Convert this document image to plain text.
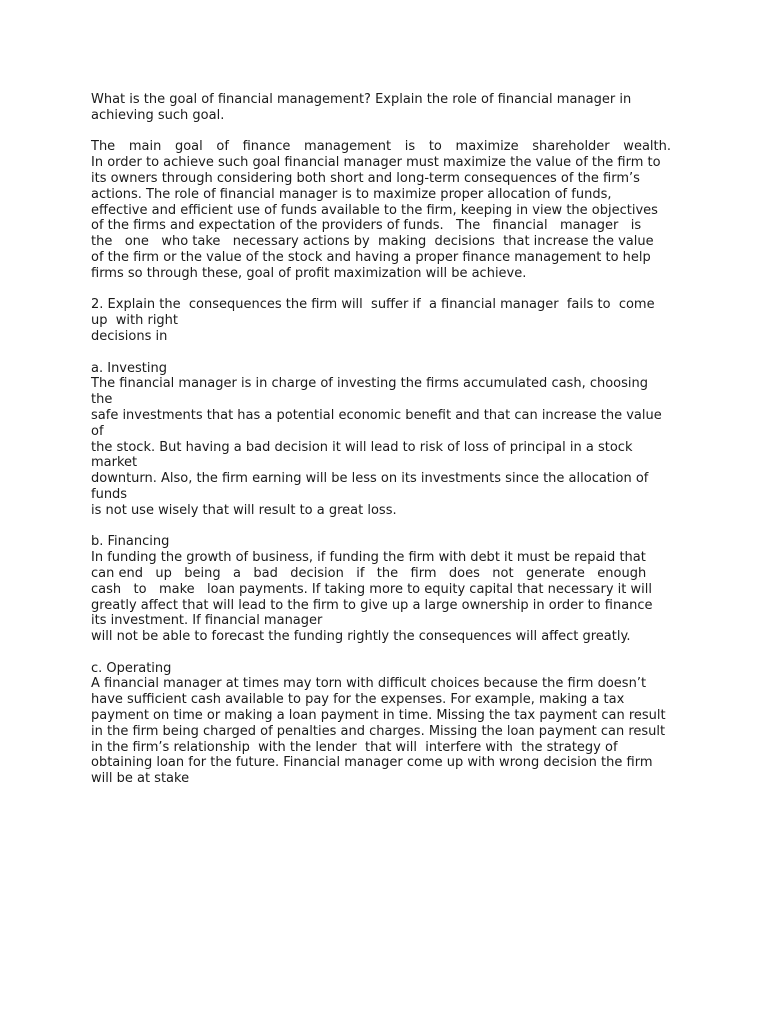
What is the goal of financial management? Explain the role of financial manager in
achieving such goal.
The main goal of finance management is to maximize shareholder wealth.
In order to achieve such goal financial manager must maximize the value of the firm to
its owners through considering both short and long-term consequences of the firm’s
actions. The role of financial manager is to maximize proper allocation of funds,
effective and efficient use of funds available to the firm, keeping in view the objectives
of the firms and expectation of the providers of funds.   The   financial   manager   is
the   one   who take   necessary actions by  making  decisions  that increase the value
of the firm or the value of the stock and having a proper finance management to help
firms so through these, goal of profit maximization will be achieve.
2. Explain the  consequences the firm will  suffer if  a financial manager  fails to  come
up  with right
decisions in
a. Investing
The financial manager is in charge of investing the firms accumulated cash, choosing
the
safe investments that has a potential economic benefit and that can increase the value
of
the stock. But having a bad decision it will lead to risk of loss of principal in a stock
market
downturn. Also, the firm earning will be less on its investments since the allocation of
funds
is not use wisely that will result to a great loss.
b. Financing
In funding the growth of business, if funding the firm with debt it must be repaid that
can end   up   being   a   bad   decision   if   the   firm   does   not   generate   enough
cash   to   make   loan payments. If taking more to equity capital that necessary it will
greatly affect that will lead to the firm to give up a large ownership in order to finance
its investment. If financial manager
will not be able to forecast the funding rightly the consequences will affect greatly.
c. Operating
A financial manager at times may torn with difficult choices because the firm doesn’t
have sufficient cash available to pay for the expenses. For example, making a tax
payment on time or making a loan payment in time. Missing the tax payment can result
in the firm being charged of penalties and charges. Missing the loan payment can result
in the firm’s relationship  with the lender  that will  interfere with  the strategy of
obtaining loan for the future. Financial manager come up with wrong decision the firm
will be at stake
